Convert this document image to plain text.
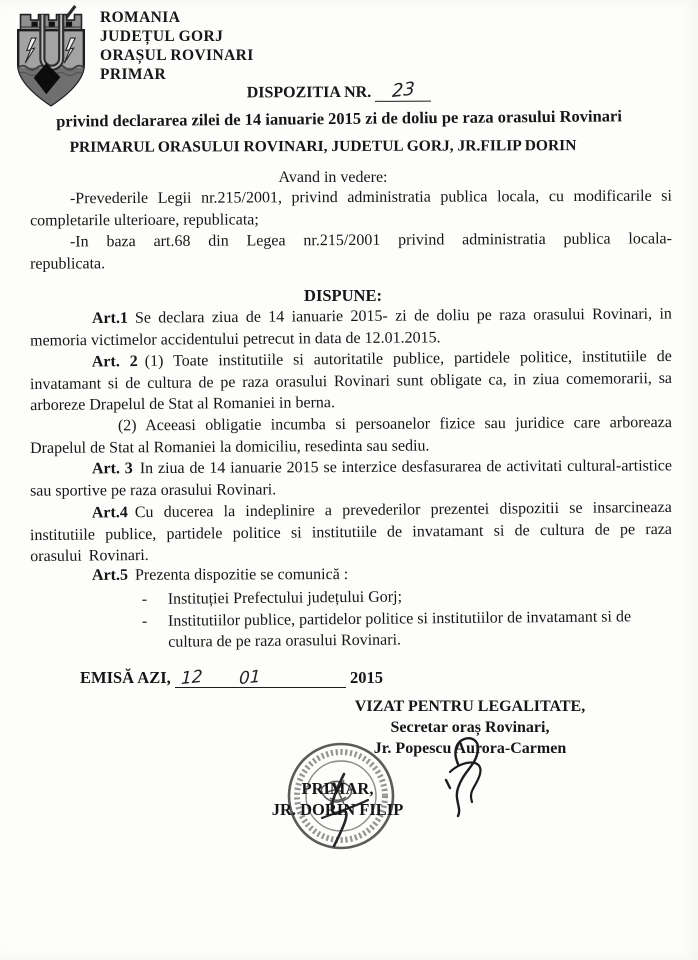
ROMANIA
JUDEȚUL GORJ
ORAȘUL ROVINARI
PRIMAR
DISPOZITIA NR. 23
privind declararea zilei de 14 ianuarie 2015 zi de doliu pe raza orasului Rovinari
PRIMARUL ORASULUI ROVINARI, JUDETUL GORJ, JR.FILIP DORIN
Avand in vedere:

-Prevederile Legii nr.215/2001, privind administratia publica locala, cu modificarile si completarile ulterioare, republicata;

-In baza art.68 din Legea nr.215/2001 privind administratia publica locala- republicata.

DISPUNE:

Art.1 Se declara ziua de 14 ianuarie 2015- zi de doliu pe raza orasului Rovinari, in memoria victimelor accidentului petrecut in data de 12.01.2015.

Art. 2 (1) Toate institutiile si autoritatile publice, partidele politice, institutiile de invatamant si de cultura de pe raza orasului Rovinari sunt obligate ca, in ziua comemorarii, sa arboreze Drapelul de Stat al Romaniei in berna.

(2) Aceeasi obligatie incumba si persoanelor fizice sau juridice care arboreaza Drapelul de Stat al Romaniei la domiciliu, resedinta sau sediu.

Art. 3 In ziua de 14 ianuarie 2015 se interzice desfasurarea de activitati cultural-artistice sau sportive pe raza orasului Rovinari.

Art.4 Cu ducerea la indeplinire a prevederilor prezentei dispozitii se insarcineaza institutiile publice, partidele politice si institutiile de invatamant si de cultura de pe raza orasului Rovinari.

Art.5 Prezenta dispozitie se comunică :

- Instituției Prefectului județului Gorj;
- Institutiilor publice, partidelor politice si institutiilor de invatamant si de cultura de pe raza orasului Rovinari.
EMISĂ AZI, 12 01	2015
VIZAT PENTRU LEGALITATE,
Secretar oraș Rovinari,
Jr. Popescu Aurora-Carmen
PRIMAR,
JR. DORIN FILIP
